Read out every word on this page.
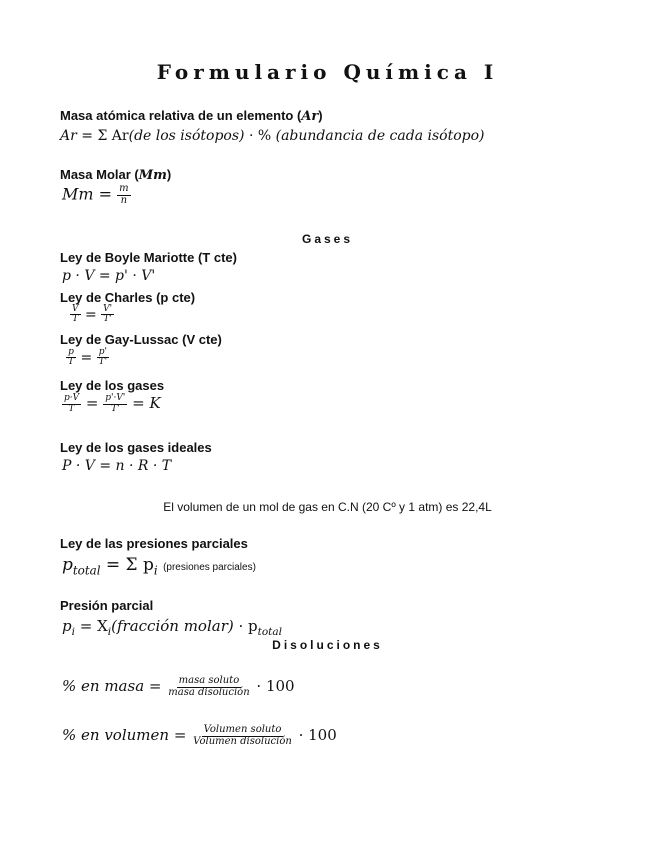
Formulario Química I
Masa atómica relativa de un elemento (Ar)
Ar = Σ Ar(de los isótopos) · % (abundancia de cada isótopo)
Masa Molar (Mm)
$Mm = \frac{m}{n}$
Gases
Ley de Boyle Mariotte (T cte)
p · V = p' · V'
Ley de Charles (p cte)
$\frac{V}{T} = \frac{V'}{T'}$
Ley de Gay-Lussac (V cte)
$\frac{p}{T} = \frac{p'}{T'}$
Ley de los gases
$\frac{p\cdot V}{T} = \frac{p'\cdot V'}{T'} = K$
Ley de los gases ideales
P · V = n · R · T
El volumen de un mol de gas en C.N (20 Cº y 1 atm) es 22,4L
Ley de las presiones parciales
$p_{total} = \Sigma$ $p_i$ (presiones parciales)
Presión parcial
$p_i$ = $X_i(fracción$ molar) · $p_{total}$
Disoluciones
% en masa = $\frac{\text{masa soluto}}{\text{masa disolución}} \cdot 100$
% en volumen = $\frac{\text{Volumen soluto}}{\text{Volumen disolución}} \cdot 100$
